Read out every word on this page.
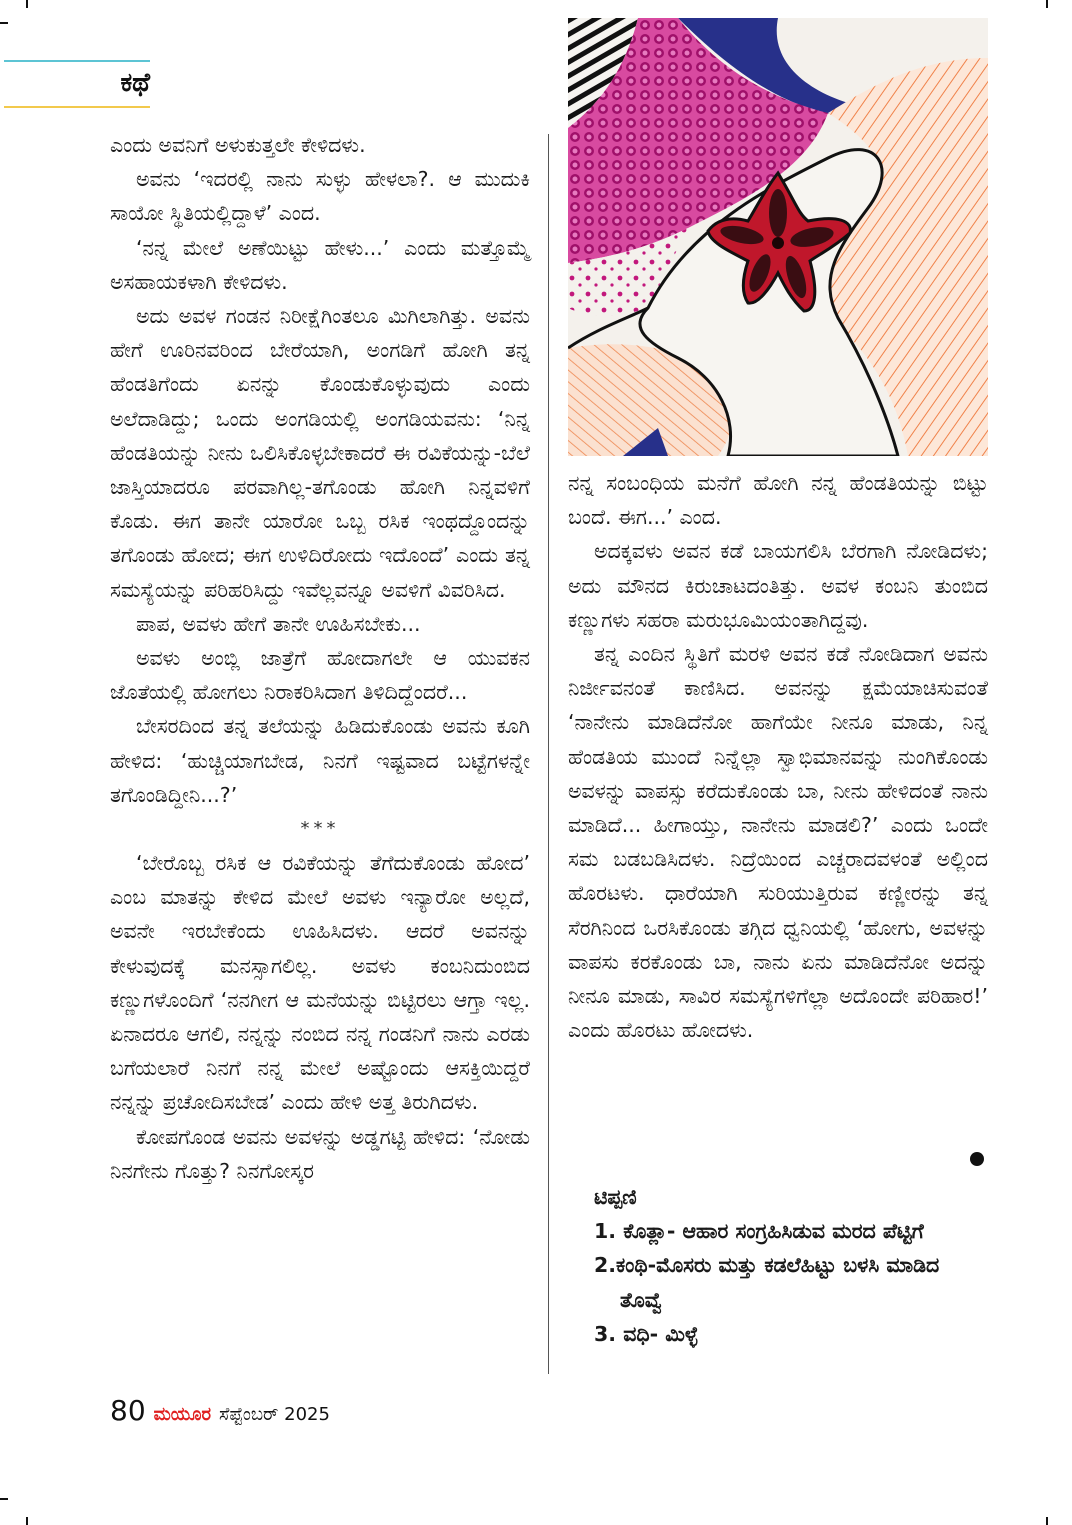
ಕಥೆ

ಎಂದು ಅವನಿಗೆ ಅಳುಕುತ್ತಲೇ ಕೇಳಿದಳು.

ಅವನು ‘ಇದರಲ್ಲಿ ನಾನು ಸುಳ್ಳು ಹೇಳಲಾ?. ಆ ಮುದುಕಿ ಸಾಯೋ ಸ್ಥಿತಿಯಲ್ಲಿದ್ದಾಳೆ’ ಎಂದ.

‘ನನ್ನ ಮೇಲೆ ಅಣೆಯಿಟ್ಟು ಹೇಳು...’ ಎಂದು ಮತ್ತೊಮ್ಮೆ ಅಸಹಾಯಕಳಾಗಿ ಕೇಳಿದಳು.

ಅದು ಅವಳ ಗಂಡನ ನಿರೀಕ್ಷೆಗಿಂತಲೂ ಮಿಗಿಲಾಗಿತ್ತು. ಅವನು ಹೇಗೆ ಊರಿನವರಿಂದ ಬೇರೆಯಾಗಿ, ಅಂಗಡಿಗೆ ಹೋಗಿ ತನ್ನ ಹೆಂಡತಿಗೆಂದು ಏನನ್ನು ಕೊಂಡುಕೊಳ್ಳುವುದು ಎಂದು ಅಲೆದಾಡಿದ್ದು; ಒಂದು ಅಂಗಡಿಯಲ್ಲಿ ಅಂಗಡಿಯವನು: ‘ನಿನ್ನ ಹೆಂಡತಿಯನ್ನು ನೀನು ಒಲಿಸಿಕೊಳ್ಳಬೇಕಾದರೆ ಈ ರವಿಕೆಯನ್ನು-ಬೆಲೆ ಜಾಸ್ತಿಯಾದರೂ ಪರವಾಗಿಲ್ಲ-ತಗೊಂಡು ಹೋಗಿ ನಿನ್ನವಳಿಗೆ ಕೊಡು. ಈಗ ತಾನೇ ಯಾರೋ ಒಬ್ಬ ರಸಿಕ ಇಂಥದ್ದೊಂದನ್ನು ತಗೊಂಡು ಹೋದ; ಈಗ ಉಳಿದಿರೋದು ಇದೊಂದೆ’ ಎಂದು ತನ್ನ ಸಮಸ್ಯೆಯನ್ನು ಪರಿಹರಿಸಿದ್ದು ಇವೆಲ್ಲವನ್ನೂ ಅವಳಿಗೆ ವಿವರಿಸಿದ.

ಪಾಪ, ಅವಳು ಹೇಗೆ ತಾನೇ ಊಹಿಸಬೇಕು...

ಅವಳು ಅಂಬ್ಲಿ ಜಾತ್ರೆಗೆ ಹೋದಾಗಲೇ ಆ ಯುವಕನ ಜೊತೆಯಲ್ಲಿ ಹೋಗಲು ನಿರಾಕರಿಸಿದಾಗ ತಿಳಿದಿದ್ದೆಂದರೆ...

ಬೇಸರದಿಂದ ತನ್ನ ತಲೆಯನ್ನು ಹಿಡಿದುಕೊಂಡು ಅವನು ಕೂಗಿ ಹೇಳಿದ: ‘ಹುಚ್ಚಿಯಾಗಬೇಡ, ನಿನಗೆ ಇಷ್ಟವಾದ ಬಟ್ಟೆಗಳನ್ನೇ ತಗೊಂಡಿದ್ದೀನಿ...?’

***

‘ಬೇರೊಬ್ಬ ರಸಿಕ ಆ ರವಿಕೆಯನ್ನು ತೆಗೆದುಕೊಂಡು ಹೋದ’ ಎಂಬ ಮಾತನ್ನು ಕೇಳಿದ ಮೇಲೆ ಅವಳು ಇನ್ಯಾರೋ ಅಲ್ಲದೆ, ಅವನೇ ಇರಬೇಕೆಂದು ಊಹಿಸಿದಳು. ಆದರೆ ಅವನನ್ನು ಕೇಳುವುದಕ್ಕೆ ಮನಸ್ಸಾಗಲಿಲ್ಲ. ಅವಳು ಕಂಬನಿದುಂಬಿದ ಕಣ್ಣುಗಳೊಂದಿಗೆ ‘ನನಗೀಗ ಆ ಮನೆಯನ್ನು ಬಿಟ್ಟಿರಲು ಆಗ್ತಾ ಇಲ್ಲ. ಏನಾದರೂ ಆಗಲಿ, ನನ್ನನ್ನು ನಂಬಿದ ನನ್ನ ಗಂಡನಿಗೆ ನಾನು ಎರಡು ಬಗೆಯಲಾರೆ ನಿನಗೆ ನನ್ನ ಮೇಲೆ ಅಷ್ಟೊಂದು ಆಸಕ್ತಿಯಿದ್ದರೆ ನನ್ನನ್ನು ಪ್ರಚೋದಿಸಬೇಡ’ ಎಂದು ಹೇಳಿ ಅತ್ತ ತಿರುಗಿದಳು.

ಕೋಪಗೊಂಡ ಅವನು ಅವಳನ್ನು ಅಡ್ಡಗಟ್ಟಿ ಹೇಳಿದ: ‘ನೋಡು ನಿನಗೇನು ಗೊತ್ತು? ನಿನಗೋಸ್ಕರ

ನನ್ನ ಸಂಬಂಧಿಯ ಮನೆಗೆ ಹೋಗಿ ನನ್ನ ಹೆಂಡತಿಯನ್ನು ಬಿಟ್ಟು ಬಂದೆ. ಈಗ...’ ಎಂದ.

ಅದಕ್ಕವಳು ಅವನ ಕಡೆ ಬಾಯಗಲಿಸಿ ಬೆರಗಾಗಿ ನೋಡಿದಳು; ಅದು ಮೌನದ ಕಿರುಚಾಟದಂತಿತ್ತು. ಅವಳ ಕಂಬನಿ ತುಂಬಿದ ಕಣ್ಣುಗಳು ಸಹರಾ ಮರುಭೂಮಿಯಂತಾಗಿದ್ದವು.

ತನ್ನ ಎಂದಿನ ಸ್ಥಿತಿಗೆ ಮರಳಿ ಅವನ ಕಡೆ ನೋಡಿದಾಗ ಅವನು ನಿರ್ಜೀವನಂತೆ ಕಾಣಿಸಿದ. ಅವನನ್ನು ಕ್ಷಮೆಯಾಚಿಸುವಂತೆ ‘ನಾನೇನು ಮಾಡಿದೆನೋ ಹಾಗೆಯೇ ನೀನೂ ಮಾಡು, ನಿನ್ನ ಹೆಂಡತಿಯ ಮುಂದೆ ನಿನ್ನೆಲ್ಲಾ ಸ್ವಾಭಿಮಾನವನ್ನು ನುಂಗಿಕೊಂಡು ಅವಳನ್ನು ವಾಪಸ್ಸು ಕರೆದುಕೊಂಡು ಬಾ, ನೀನು ಹೇಳಿದಂತೆ ನಾನು ಮಾಡಿದೆ... ಹೀಗಾಯ್ತು, ನಾನೇನು ಮಾಡಲಿ?’ ಎಂದು ಒಂದೇ ಸಮ ಬಡಬಡಿಸಿದಳು. ನಿದ್ರೆಯಿಂದ ಎಚ್ಚರಾದವಳಂತೆ ಅಲ್ಲಿಂದ ಹೊರಟಳು. ಧಾರೆಯಾಗಿ ಸುರಿಯುತ್ತಿರುವ ಕಣ್ಣೀರನ್ನು ತನ್ನ ಸೆರಗಿನಿಂದ ಒರಸಿಕೊಂಡು ತಗ್ಗಿದ ಧ್ವನಿಯಲ್ಲಿ ‘ಹೋಗು, ಅವಳನ್ನು ವಾಪಸು ಕರಕೊಂಡು ಬಾ, ನಾನು ಏನು ಮಾಡಿದೆನೋ ಅದನ್ನು ನೀನೂ ಮಾಡು, ಸಾವಿರ ಸಮಸ್ಯೆಗಳಿಗೆಲ್ಲಾ ಅದೊಂದೇ ಪರಿಹಾರ!’ ಎಂದು ಹೊರಟು ಹೋದಳು.

ಟಿಪ್ಪಣಿ
1. ಕೊತ್ಲಾ- ಆಹಾರ ಸಂಗ್ರಹಿಸಿಡುವ ಮರದ ಪೆಟ್ಟಿಗೆ
2.ಕಂಥಿ-ಮೊಸರು ಮತ್ತು ಕಡಲೆಹಿಟ್ಟು ಬಳಸಿ ಮಾಡಿದ ತೊವ್ವೆ
3. ವಧಿ- ಮಿಳ್ಳೆ
80 ಮಯೂರ ಸೆಪ್ಟೆಂಬರ್ 2025
